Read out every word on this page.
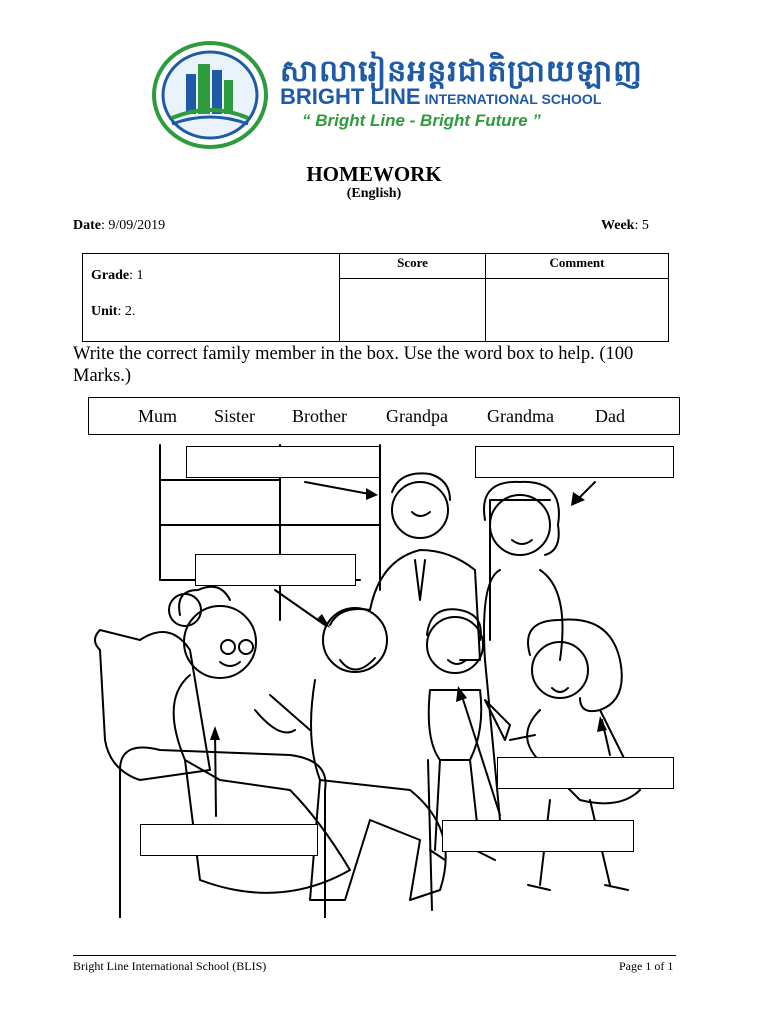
សាលារៀនអន្តរជាតិប្រាយឡាញ
BRIGHT LINE INTERNATIONAL SCHOOL
“ Bright Line - Bright Future ”
HOMEWORK
(English)
Date: 9/09/2019	Week: 5
Grade: 1
Unit: 2.
Score	Comment
Write the correct family member in the box. Use the word box to help. (100 Marks.)
Mum Sister Brother Grandpa Grandma Dad
Bright Line International School (BLIS)	Page 1 of 1
